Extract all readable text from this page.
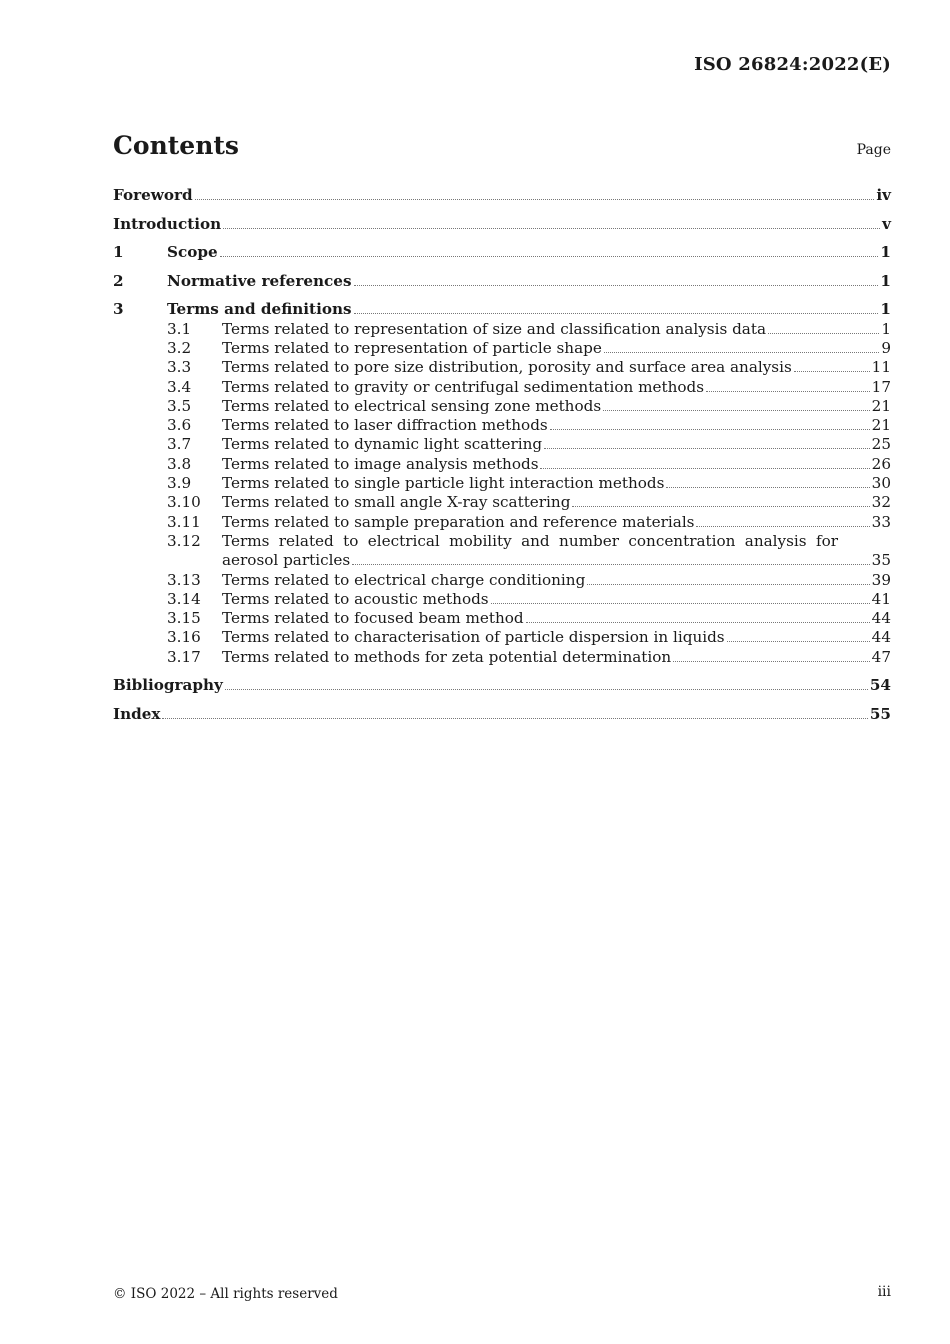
ISO 26824:2022(E)
Contents	Page
Foreword	iv
Introduction	v
1	Scope	1
2	Normative references	1
3	Terms and definitions	1
3.1	Terms related to representation of size and classification analysis data	1
3.2	Terms related to representation of particle shape	9
3.3	Terms related to pore size distribution, porosity and surface area analysis	11
3.4	Terms related to gravity or centrifugal sedimentation methods	17
3.5	Terms related to electrical sensing zone methods	21
3.6	Terms related to laser diffraction methods	21
3.7	Terms related to dynamic light scattering	25
3.8	Terms related to image analysis methods	26
3.9	Terms related to single particle light interaction methods	30
3.10	Terms related to small angle X-ray scattering	32
3.11	Terms related to sample preparation and reference materials	33
3.12	Terms related to electrical mobility and number concentration analysis for
aerosol particles	35
3.13	Terms related to electrical charge conditioning	39
3.14	Terms related to acoustic methods	41
3.15	Terms related to focused beam method	44
3.16	Terms related to characterisation of particle dispersion in liquids	44
3.17	Terms related to methods for zeta potential determination	47
Bibliography	54
Index	55
© ISO 2022 – All rights reserved	iii
